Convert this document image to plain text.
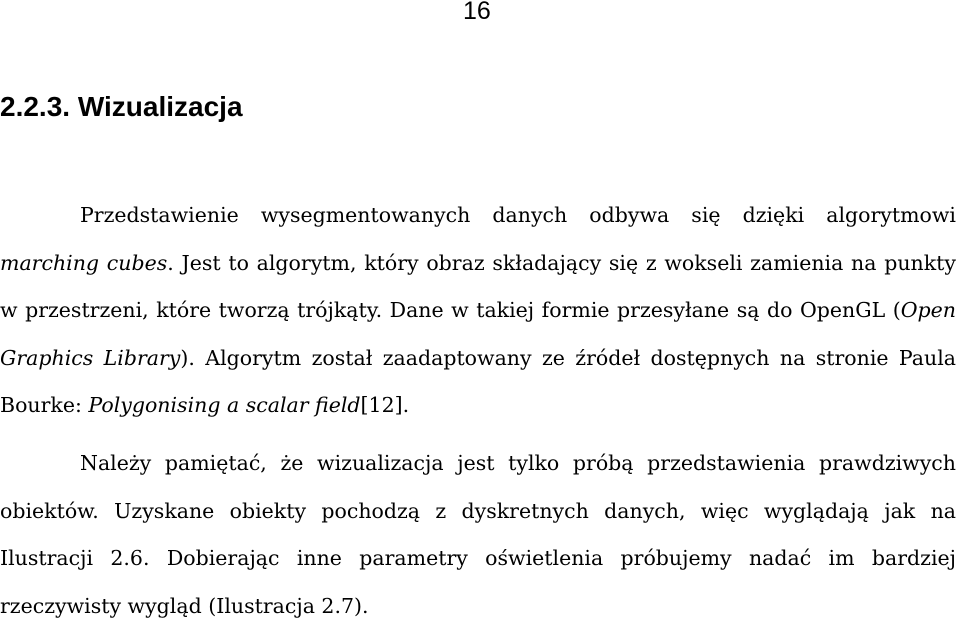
16
2.2.3. Wizualizacja

Przedstawienie wysegmentowanych danych odbywa się dzięki algorytmowi marching cubes. Jest to algorytm, który obraz składający się z wokseli zamienia na punkty w przestrzeni, które tworzą trójkąty. Dane w takiej formie przesyłane są do OpenGL (Open Graphics Library). Algorytm został zaadaptowany ze źródeł dostępnych na stronie Paula Bourke: Polygonising a scalar field[12].

Należy pamiętać, że wizualizacja jest tylko próbą przedstawienia prawdziwych obiektów. Uzyskane obiekty pochodzą z dyskretnych danych, więc wyglądają jak na Ilustracji 2.6. Dobierając inne parametry oświetlenia próbujemy nadać im bardziej rzeczywisty wygląd (Ilustracja 2.7).
